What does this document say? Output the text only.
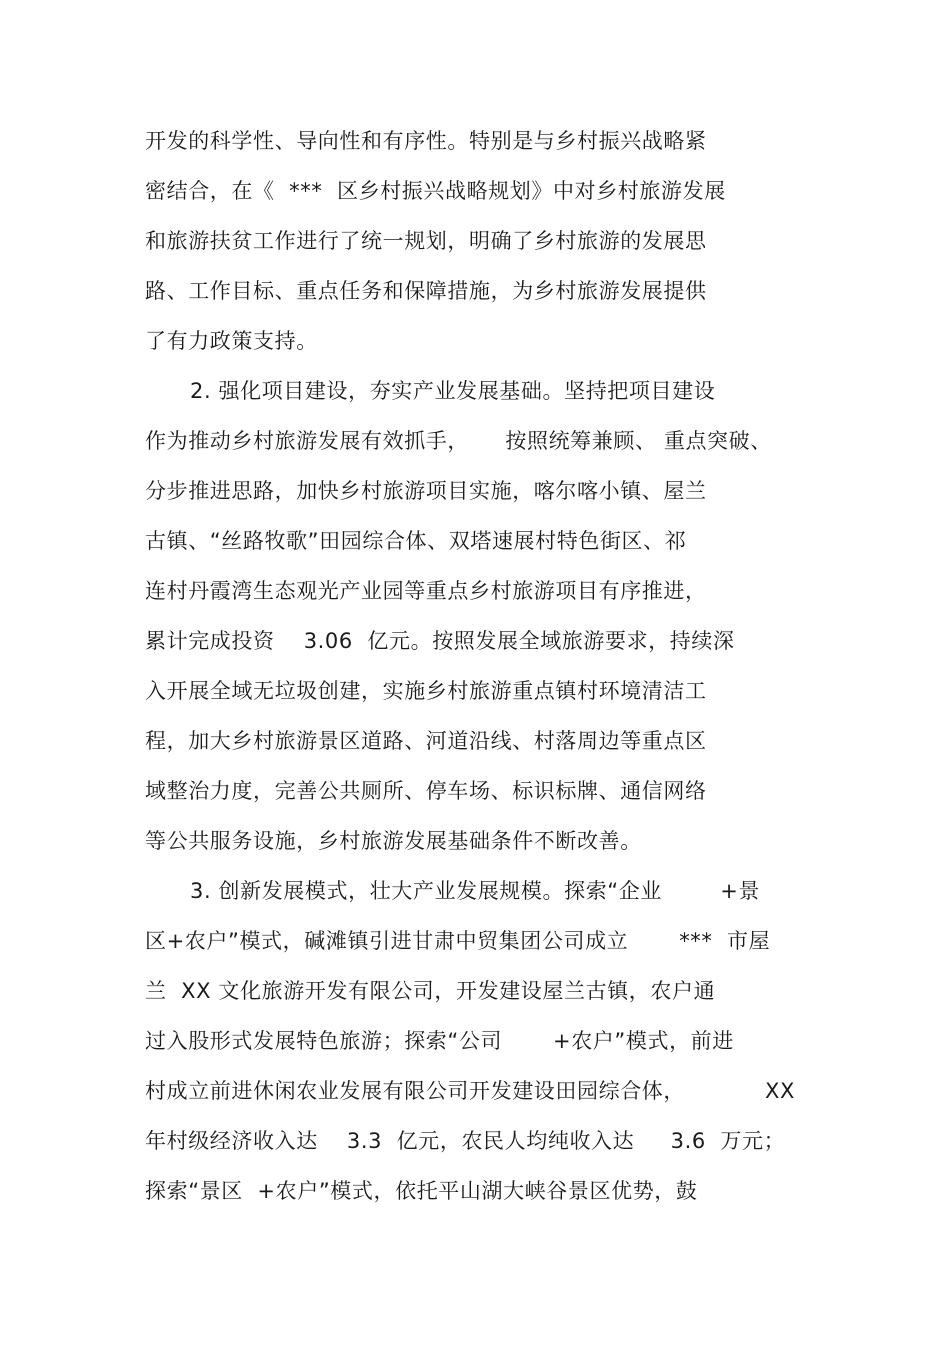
开发的科学性、导向性和有序性。特别是与乡村振兴战略紧
密结合，在《  ***  区乡村振兴战略规划》中对乡村旅游发展
和旅游扶贫工作进行了统一规划，明确了乡村旅游的发展思
路、工作目标、重点任务和保障措施，为乡村旅游发展提供
了有力政策支持。
2. 强化项目建设，夯实产业发展基础。坚持把项目建设
作为推动乡村旅游发展有效抓手，     按照统筹兼顾、 重点突破、
分步推进思路，加快乡村旅游项目实施，喀尔喀小镇、屋兰
古镇、“丝路牧歌”田园综合体、双塔速展村特色街区、祁
连村丹霞湾生态观光产业园等重点乡村旅游项目有序推进，
累计完成投资    3.06  亿元。按照发展全域旅游要求，持续深
入开展全域无垃圾创建，实施乡村旅游重点镇村环境清洁工
程，加大乡村旅游景区道路、河道沿线、村落周边等重点区
域整治力度，完善公共厕所、停车场、标识标牌、通信网络
等公共服务设施，乡村旅游发展基础条件不断改善。
3. 创新发展模式，壮大产业发展规模。探索“企业        +景
区+农户”模式，碱滩镇引进甘肃中贸集团公司成立       ***  市屋
兰  XX 文化旅游开发有限公司，开发建设屋兰古镇，农户通
过入股形式发展特色旅游；探索“公司       +农户”模式，前进
村成立前进休闲农业发展有限公司开发建设田园综合体，           XX
年村级经济收入达    3.3  亿元，农民人均纯收入达     3.6  万元；
探索“景区  +农户”模式，依托平山湖大峡谷景区优势，鼓
